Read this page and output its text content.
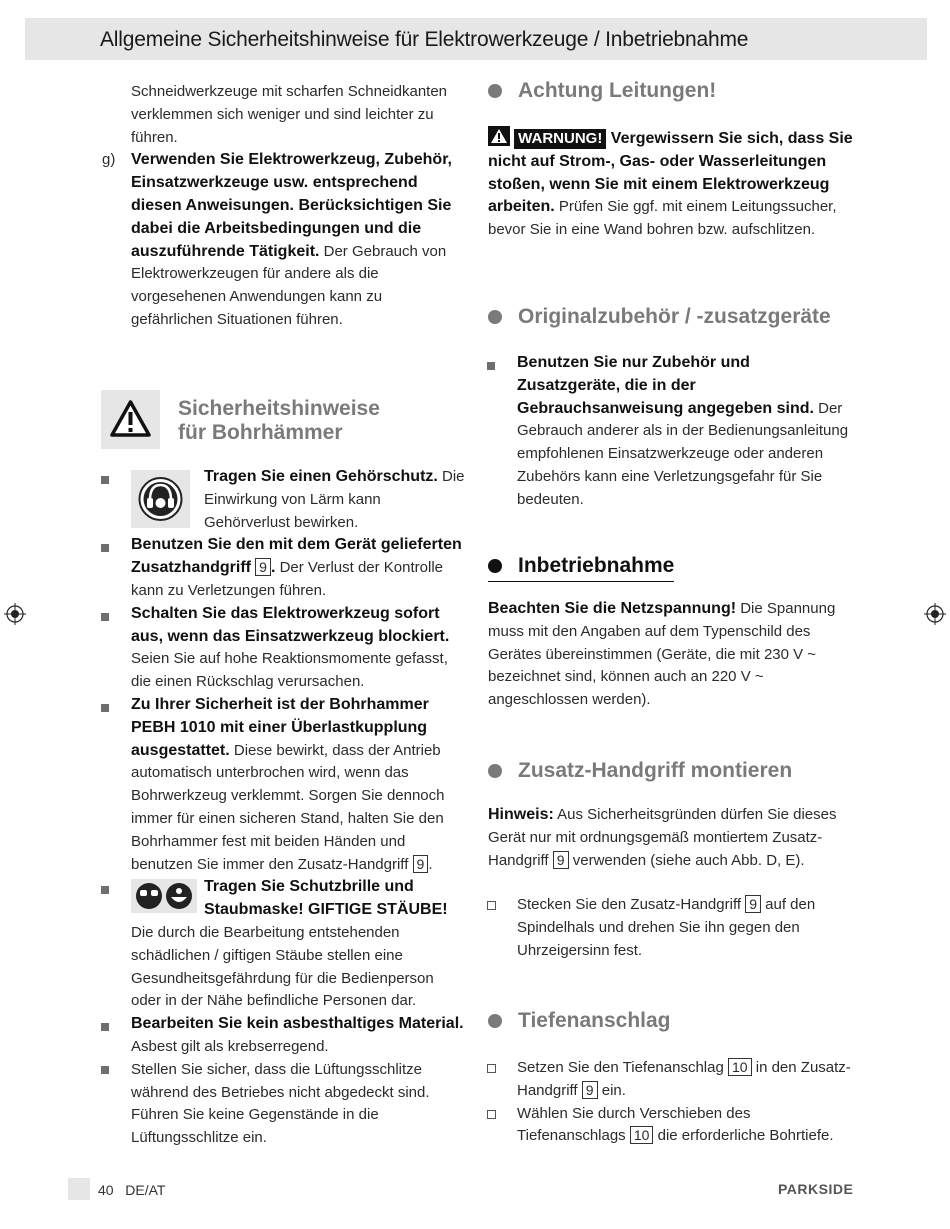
Allgemeine Sicherheitshinweise für Elektrowerkzeuge / Inbetriebnahme

Schneidwerkzeuge mit scharfen Schneidkanten verklemmen sich weniger und sind leichter zu führen.

g) Verwenden Sie Elektrowerkzeug, Zubehör, Einsatzwerkzeuge usw. entsprechend diesen Anweisungen. Berücksichtigen Sie dabei die Arbeitsbedingungen und die auszuführende Tätigkeit. Der Gebrauch von Elektrowerkzeugen für andere als die vorgesehenen Anwendungen kann zu gefährlichen Situationen führen.
Sicherheitshinweise
für Bohrhämmer
Tragen Sie einen Gehörschutz. Die Einwirkung von Lärm kann Gehörverlust bewirken.
Benutzen Sie den mit dem Gerät gelieferten Zusatzhandgriff 9 . Der Verlust der Kontrolle kann zu Verletzungen führen.
Schalten Sie das Elektrowerkzeug sofort aus, wenn das Einsatzwerkzeug blockiert. Seien Sie auf hohe Reaktionsmomente gefasst, die einen Rückschlag verursachen.
Zu Ihrer Sicherheit ist der Bohrhammer PEBH 1010 mit einer Überlastkupplung ausgestattet. Diese bewirkt, dass der Antrieb automatisch unterbrochen wird, wenn das Bohrwerkzeug verklemmt. Sorgen Sie dennoch immer für einen sicheren Stand, halten Sie den Bohrhammer fest mit beiden Händen und benutzen Sie immer den Zusatz-Handgriff 9 .
Tragen Sie Schutzbrille und Staubmaske! GIFTIGE STÄUBE!
Die durch die Bearbeitung entstehenden schädlichen / giftigen Stäube stellen eine Gesundheitsgefährdung für die Bedienperson oder in der Nähe befindliche Personen dar.
Bearbeiten Sie kein asbesthaltiges Material. Asbest gilt als krebserregend.
Stellen Sie sicher, dass die Lüftungsschlitze während des Betriebes nicht abgedeckt sind. Führen Sie keine Gegenstände in die Lüftungsschlitze ein.
Achtung Leitungen!

WARNUNG! Vergewissern Sie sich, dass Sie nicht auf Strom-, Gas- oder Wasserleitungen stoßen, wenn Sie mit einem Elektrowerkzeug arbeiten. Prüfen Sie ggf. mit einem Leitungssucher, bevor Sie in eine Wand bohren bzw. aufschlitzen.

Originalzubehör / -zusatzgeräte
Benutzen Sie nur Zubehör und Zusatzgeräte, die in der Gebrauchsanweisung angegeben sind. Der Gebrauch anderer als in der Bedienungsanleitung empfohlenen Einsatzwerkzeuge oder anderen Zubehörs kann eine Verletzungsgefahr für Sie bedeuten.
Inbetriebnahme

Beachten Sie die Netzspannung! Die Spannung muss mit den Angaben auf dem Typenschild des Gerätes übereinstimmen (Geräte, die mit 230 V ~ bezeichnet sind, können auch an 220 V ~ angeschlossen werden).

Zusatz-Handgriff montieren

Hinweis: Aus Sicherheitsgründen dürfen Sie dieses Gerät nur mit ordnungsgemäß montiertem Zusatz-Handgriff 9 verwenden (siehe auch Abb. D, E).

Stecken Sie den Zusatz-Handgriff 9 auf den Spindelhals und drehen Sie ihn gegen den Uhrzeigersinn fest.
Tiefenanschlag
Setzen Sie den Tiefenanschlag 10 in den Zusatz-Handgriff 9 ein.
Wählen Sie durch Verschieben des Tiefenanschlags 10 die erforderliche Bohrtiefe.
40   DE/AT	PARKSIDE
